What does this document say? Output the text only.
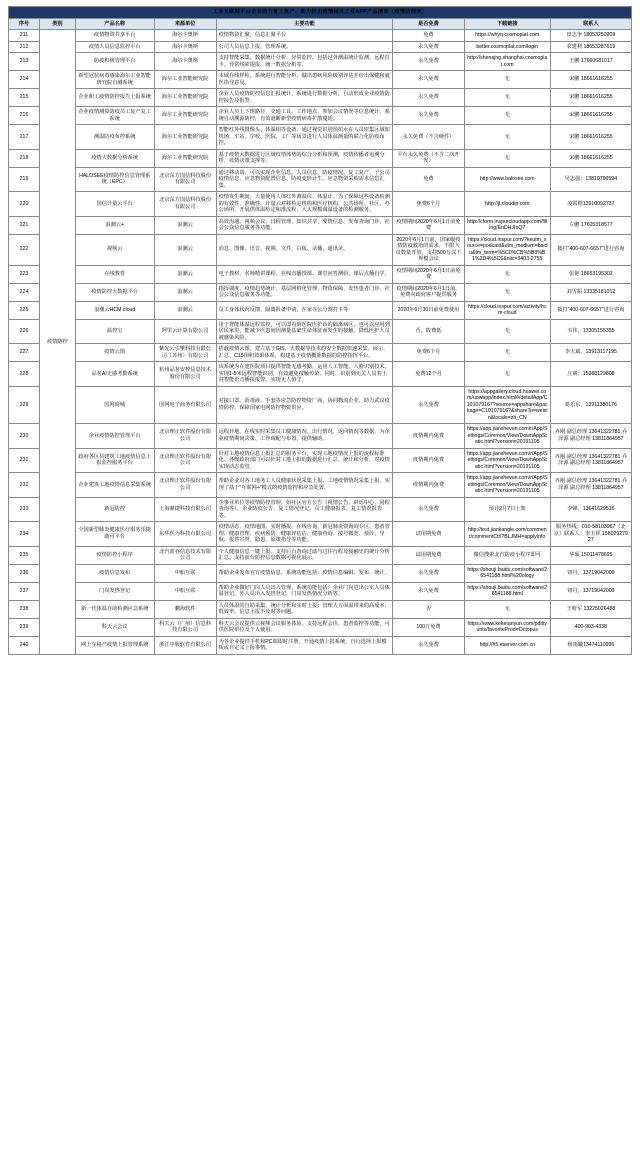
工业互联网平台企业助力复工复产、助力抗击疫情相关工业APP产品清单（疫情防控类）							
序号	类别	产品名称	来源单位	主要功能	是否免费	下载链接	联系人
211	疫情防控	疫情物资共享平台	海尔卡奥斯	疫情物资汇聚，信息汇聚平台	免费	https://whyq.cosmoplat.com	田志争 18053250909
212		疫情人员信息监控平台	海尔卡奥斯	公司人员信息上报，管理系统。	永久免费	better.cosmoplat.com/login	农建利 18653287619
213		防疫积极管理平台	海尔卡奥斯	支持智能采集、数据统计分析、异常监控，包括过外测温统计监测、远程打卡、异常线索提报、统一数据分析等。	永久免费	http://shenajng.shanghai.cosmoplat.com	王鹏 17660681017
214		新型冠状病毒感染海尔工业智能研究院自测系统	海尔工业智能研究院	本域在线样检，系统进行智能分析，做出患病风险级别评估并给出保健和就医指导意见。	永久免费	无	宋鹏 18661616255
215		企业职工疫情防控报告上报系统	海尔工业智能研究院	企业人员疫情防控信息汇报统计，系统进行数据分析，自动形成企业疫情防控报告及报警。	永久免费	无	宋鹏 18661616255
216		企业疫情测算防疫员工复产复工系统	海尔工业智能研究院	企业人员上下班路径、交通工具、工作地点、参加会议情况等信息统计，系统自动溯源防控，有效遮断新型疫情病毒扩散蔓延。	永久免费	无	宋鹏 18661616255
217		测温防疫布控系统	海尔工业智能研究院	智能红外线摄像头、体温相等设备，通过视觉识别预拍水在人员密集区域如机场、车站、学校、医院、工厂等场景进行人员体温测量的联合化防疫布控。	永久免费（不含硬件）	无	宋鹏 18661616255
218		疫情大数据分析系统	海尔工业智能研究院	基于疫情大数据进行区域疫情体势的综合分析和预测，疫情传播者追溯分析、疫情决策支撑等。	平台永久免费（不含二次开发）	无	宋鹏 18661616255
219		HALOSEE疫情防控信息管理系统（EPC）	北京东方国信科技股份有限公司	通过移动端，可以实现企业信息、人员信息、防疫情况、复工复产、子公司疫情信息、应急物资配置信息、防疫变形计生、应急物资采购需求信息汇集。	免费	http://www.balosee.com	吴志强：13810796594
220		国信计量云平台	北京东方国信科技股份有限公司	疫情发生期间，大量使用人体红外测温仪、体温计、为了保障这些设备检测的有效性、准确性，计量云对移检定机构和医疗机构、公共场所、社区、办公场所、开展供体温检定和准流程、大大规模调温设备的检测服务。	免费6个月	http://jl.cloudip.com	凌霄楷13910092737
221		浪潮云+	浪潮云	高效沟通、视频会议、日程管理、知识共享、要情信息、发布查询门诊、社会公众信息服务等功能。	疫情期间2020年6月1日前免费	http://cform.inspurcloudapp.com/filling/EnDHJInQ7	左鹏 17605318577
222		视频云	浪潮云	消息、图像、语音、视频、文件、白板、录播、通讯录。	2020年6月1日前，国家级疫情防疫救治的需求，不限人员数量开放，支持500万以下规模会议	https://cloud.inspur.com/?keutm_source=podcast&utm_medium=baidu&tm_term=%5C0%CB%5B3%B1%2D4%5C6&oiic=3403-2755	拨打"400-607-6657"进行咨询
223		在线教育	浪潮云	电子教材、名师精讲课程、在线直播授课、课堂问答测验、课后点播自学。	疫情期间2020年6月1日前免费	无	张艳 18653195302
224		疫情防控大数据平台	浪潮云	指挥调度、疫情趋势统计、基层网格化管理、物资保障、发热患者门诊、社会公众信息服务等功能。	疫情期间2020年6月1日前，免费向政府客户提供服务	无	刘雪振 13335181012
225		浪潮云HCM cloud	浪潮云	员工身体状况反馈，隔离报备申请，在家办公分割打卡等	2020年6月30日前免费使用	https://cloud.inspur.com/activity/hcm-cloud	拨打"400-607-6657"进行咨询
226		温控宝	阿里云计算有限公司	用于智能体温远程监控，可以即看到医院医护诊的隔离病区，也可以应用到居民家里，能减少医患间因测量基础生命体征而发生的接触，降低医护人员被感染风险。	否，收费低	无	韦伟，13305155355
227		疫情云图	紫光云引擎科技有限公司（苏州）有限公司	搭载疫情云图，建立基于GIS、大数据等技术的安全数据快速采集、展示，汇总、C15围积效果体系，构建基于疫情概准数据的防控指挥平台。	免费6个月	无	李大斌，13913117195
228		品茗AI无感考勤系统	杭州品茗安控信息技术股份有限公司	该系统为在建医院项目提供智能无感考勤，运用人工智能、人脸识别技术，实现1-5米远程智能识别。有效避免接触传染、同时，识别到无关人员着上封智能语音播报报警，实现无人值守。	免费12个月	无	庄素：15988129808
229		国网商城	国网电子商务有限公司	对接口罩、消毒液、手套等应急防控物资厂商，协同物流企业、助力武汉疫情防控，保障国家电网防控物资供应。	永久免费	https://appgallery.cloud.huawei.com/uowapp/index.html#/detailApp/C101079167?source=appshare&package=C10107916?&shareTo=weixin&locale=zh_CN	葛乐东，13911380176
230		企业疫情防控管理平台	北京理正软件股份有限公司	远程异地。在线实时采集员工健康情况，出行情况，返回情况等数据。为企业疫情期间决策、工作调配与布置，提供辅助。	疫情期内免费	https://app.jianshevun.com/r/App/Settings/Common/View/DownAppStatic.html?version=20191105	齐刚 副总经理 13641322781 乔泽源 副总经理 13811864957
231		政府各区县建筑工地疫情信息上报监控服务平台	北京理正软件股份有限公司	针对工地疫情信息上报汇总的服务平台，实现工地疫情况上报的流程标准化、各级政府部门可以针对工地上报的数据进行汇总、统计和分析，对疫情实现动态监管。	疫情期内免费	https://app.jianshevun.com/r/App/Settings/Common/View/DownAppStatic.html?version=20191105	齐刚 副总经理 13641322781 乔泽源 副总经理 13811864957
232		企业建筑工地疫情信息采集系统	北京理正软件股份有限公司	帮助企业对各工地务工人员健康状况采集上报、工地疫情情况采集上报，实现了基于"互联网+"模式的疫情监控和应急处置。	疫情期内免费	https://app.jianshevun.com/r/App/Settings/Common/View/DownAppStatic.html?version=20191105	齐刚 副总经理 13641322781 乔泽源 副总经理 13811864957
233		新冠防控	上海鼎捷科技有限公司	企事业单位等疫情防控管理，如社区官方公告（视情公告、辟谣中心、同程查询等）、企业防疫公告、复工情况登记、员工健康报表、复工情况报表等。	永久免费	预计2月7日上架	李锋，13641629516
234		全国新型肺炎健康医疗服务乐捷助可平台	东华医为科技有限公司	疫情动态、疫情地图、实时播报、在线咨询、新冠肺炎资询询专区、患者管理、健康管理、疾病预防、健康评估估、健康查询、接号微宽、预诊、导航、报答宣誉、隐患、原策指导等功能。	试用期免费	http://test.jiankangle.com/comment/commentCtrl?BLJMH=applyInfo	服务热线：010-58103967（北京）联系人：李玉祥 15802927027
235		疫情防控小程序	北汽蓝谷信息技术有限公司	个人健康信息一键上报。支持后台查询过滤与过往行程及接触史的统计分析汇总。支持前台防控信息数据可视化展示。	试用期免费	微信搜索北汽防疫小程序即可	华硕 15011478695
236		疫情信息发布	中船互联	帮助企业发布官方疫情信息，系统功能包括：疫情信息编辑、发布、统计。	永久免费	https://shouji.baidu.com/software/26541188.html%20ology	钮丹，13719042009
237		门岗发热登记	中船互联	帮助企业做好门岗人员出入管理。系统功能包括：企业门岗进出公室人员体温登记，外人员出入发热登记，门岗发热情况分析等。	永久免费	https://shouji.baidu.com/software/26541188.html	钮丹，13719042009
238		新一代体温自助检测应急系统	鹏海软件	人员体温的自助采集、统计分析和实时上报；管理人方面温带来的高成本、低效率、信息上报不及时等问题。	否	无	王哈军 13225026488
239		科天云会议	科天云（广州）信息科技有限公司	科天云会议提供云视频会议服务体验。支持远程会诊、患者监控等功能，可供医院单位及个人使用。	100万免费	https://www.keketanyun.com/pdittyuntx/favoriteProd=Octopus	400-903-4338
240		网上车租产疫情上报管理系统	浙江中服软件有限公司	为各企业提供手机和PC端即时注册，开通疫情上报系统，自行选择上报模板或自定义上报事情。	永久免费	http://h5.eserver.com.cn	杨雨曦13474110996
